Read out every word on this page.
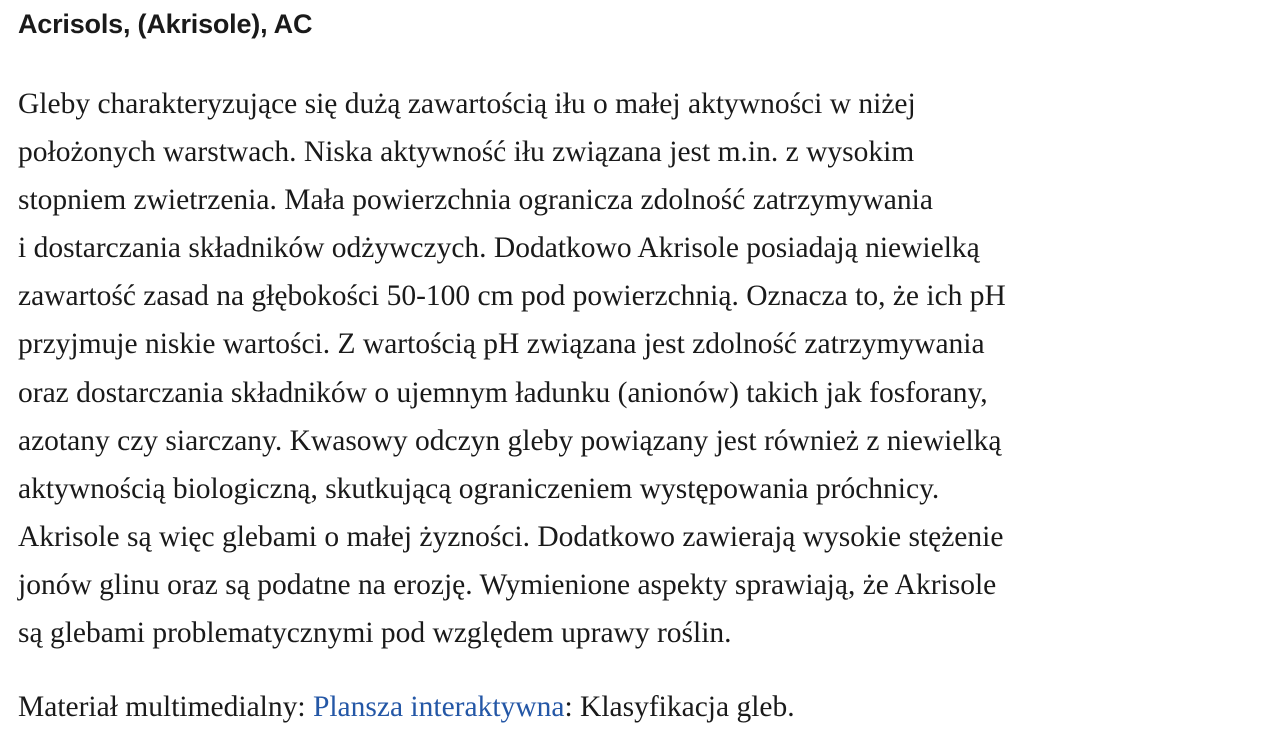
Acrisols, (Akrisole), AC

Gleby charakteryzujące się dużą zawartością iłu o małej aktywności w niżej
położonych warstwach. Niska aktywność iłu związana jest m.in. z wysokim
stopniem zwietrzenia. Mała powierzchnia ogranicza zdolność zatrzymywania
i dostarczania składników odżywczych. Dodatkowo Akrisole posiadają niewielką
zawartość zasad na głębokości 50-100 cm pod powierzchnią. Oznacza to, że ich pH
przyjmuje niskie wartości. Z wartością pH związana jest zdolność zatrzymywania
oraz dostarczania składników o ujemnym ładunku (anionów) takich jak fosforany,
azotany czy siarczany. Kwasowy odczyn gleby powiązany jest również z niewielką
aktywnością biologiczną, skutkującą ograniczeniem występowania próchnicy.
Akrisole są więc glebami o małej żyzności. Dodatkowo zawierają wysokie stężenie
jonów glinu oraz są podatne na erozję. Wymienione aspekty sprawiają, że Akrisole
są glebami problematycznymi pod względem uprawy roślin.

Materiał multimedialny: Plansza interaktywna: Klasyfikacja gleb.
